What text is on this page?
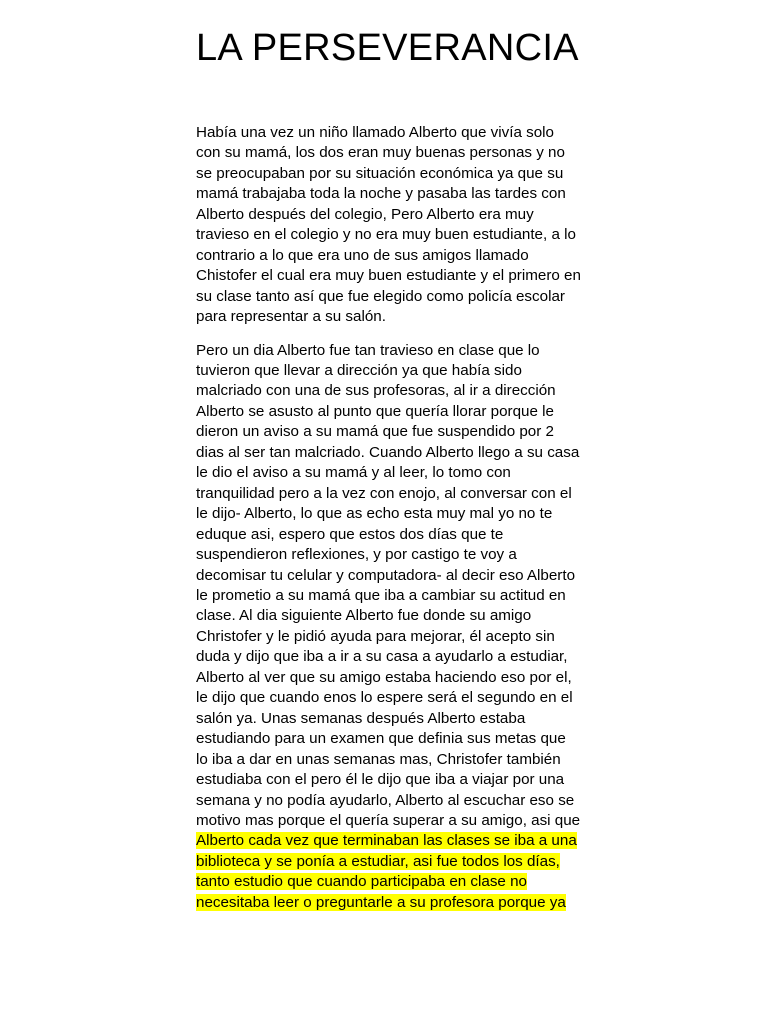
LA PERSEVERANCIA

Había una vez un niño llamado Alberto que vivía solo
con su mamá, los dos eran muy buenas personas y no
se preocupaban por su situación económica ya que su
mamá trabajaba toda la noche y pasaba las tardes con
Alberto después del colegio, Pero Alberto era muy
travieso en el colegio y no era muy buen estudiante, a lo
contrario a lo que era uno de sus amigos llamado
Chistofer el cual era muy buen estudiante y el primero en
su clase tanto así que fue elegido como policía escolar
para representar a su salón.

Pero un dia Alberto fue tan travieso en clase que lo
tuvieron que llevar a dirección ya que había sido
malcriado con una de sus profesoras, al ir a dirección
Alberto se asusto al punto que quería llorar porque le
dieron un aviso a su mamá que fue suspendido por 2
dias al ser tan malcriado. Cuando Alberto llego a su casa
le dio el aviso a su mamá y al leer, lo tomo con
tranquilidad pero a la vez con enojo, al conversar con el
le dijo- Alberto, lo que as echo esta muy mal yo no te
eduque asi, espero que estos dos días que te
suspendieron reflexiones, y por castigo te voy a
decomisar tu celular y computadora- al decir eso Alberto
le prometio a su mamá que iba a cambiar su actitud en
clase. Al dia siguiente Alberto fue donde su amigo
Christofer y le pidió ayuda para mejorar, él acepto sin
duda y dijo que iba a ir a su casa a ayudarlo a estudiar,
Alberto al ver que su amigo estaba haciendo eso por el,
le dijo que cuando enos lo espere será el segundo en el
salón ya. Unas semanas después Alberto estaba
estudiando para un examen que definia sus metas que
lo iba a dar en unas semanas mas, Christofer también
estudiaba con el pero él le dijo que iba a viajar por una
semana y no podía ayudarlo, Alberto al escuchar eso se
motivo mas porque el quería superar a su amigo, asi que
Alberto cada vez que terminaban las clases se iba a una
biblioteca y se ponía a estudiar, asi fue todos los días,
tanto estudio que cuando participaba en clase no
necesitaba leer o preguntarle a su profesora porque ya
